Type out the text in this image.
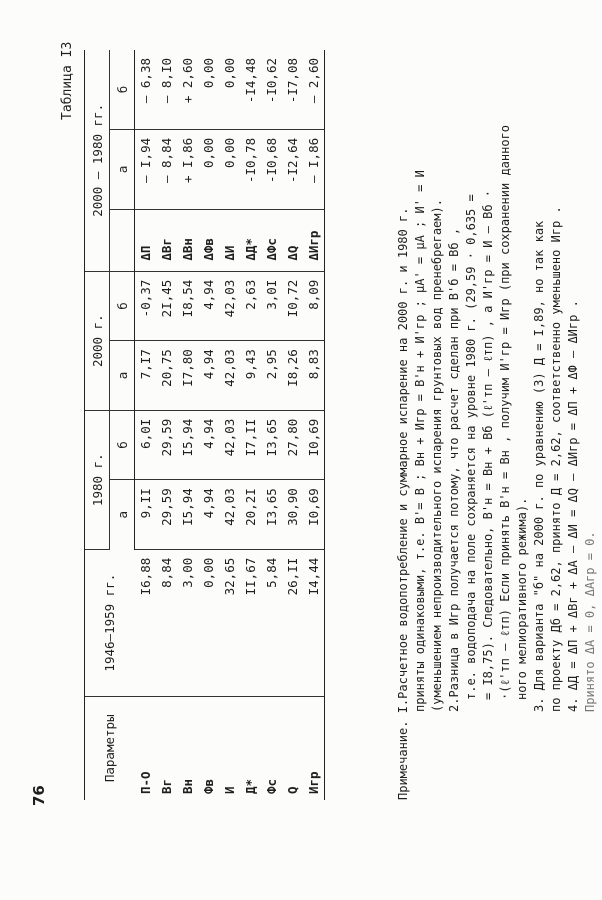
76
Таблица I3
Параметры	1946–1959 гг.	1980 г.		2000 г.		2000 – 1980 гг.		
		а	б	а	б		а	б
П-О	I6,88	9,II	6,0I	7,I7	-0,37	ΔП	– I,94	– 6,38
Вг	8,84	29,59	29,59	20,75	2I,45	ΔВг	– 8,84	– 8,I0
Вн	3,00	I5,94	I5,94	I7,80	I8,54	ΔВн	+ I,86	+ 2,60
Фв	0,00	4,94	4,94	4,94	4,94	ΔФв	0,00	0,00
И	32,65	42,03	42,03	42,03	42,03	ΔИ	0,00	0,00
Д*	II,67	20,2I	I7,II	9,43	2,63	ΔД*	-I0,78	-I4,48
Фс	5,84	I3,65	I3,65	2,95	3,0I	ΔФс	-I0,68	-I0,62
Q	26,II	30,90	27,80	I8,26	I0,72	ΔQ	-I2,64	-I7,08
Игр	I4,44	I0,69	I0,69	8,83	8,09	ΔИгр	– I,86	– 2,60

Примечание. I.Расчетное водопотребление и суммарное испарение на 2000 г. и 1980 г. приняты одинаковыми, т.е. В'= В ; Вн + Игр = В'н + И'гр ; μА' = μА ; И' = И (уменьшением непроизводительного испарения грунтовых вод пренебрегаем). 2.Разница в Игр получается потому, что расчет сделан при В'б = Вб , т.е. водоподача на поле сохраняется на уровне 1980 г. (29,59 · 0,635 = = I8,75). Следовательно, В'н = Вн + Вб (ℓ'тп – ℓтп) , а И'гр = И – Вб · ·(ℓ'тп – ℓтп) Если принять В'н = Вн , получим И'гр = Игр (при сохранении данного ного мелиоративного режима). 3. Для варианта "б" на 2000 г. по уравнению (3) Д = I,89, но так как по проекту Дб = 2,62, принято Д = 2,62, соответственно уменьшено Игр . 4. ΔД = ΔП + ΔВг + ΔА – ΔИ = ΔQ – ΔИгр = ΔП + ΔФ – ΔИгр . Принято ΔА = 0, ΔАгр = 0.
